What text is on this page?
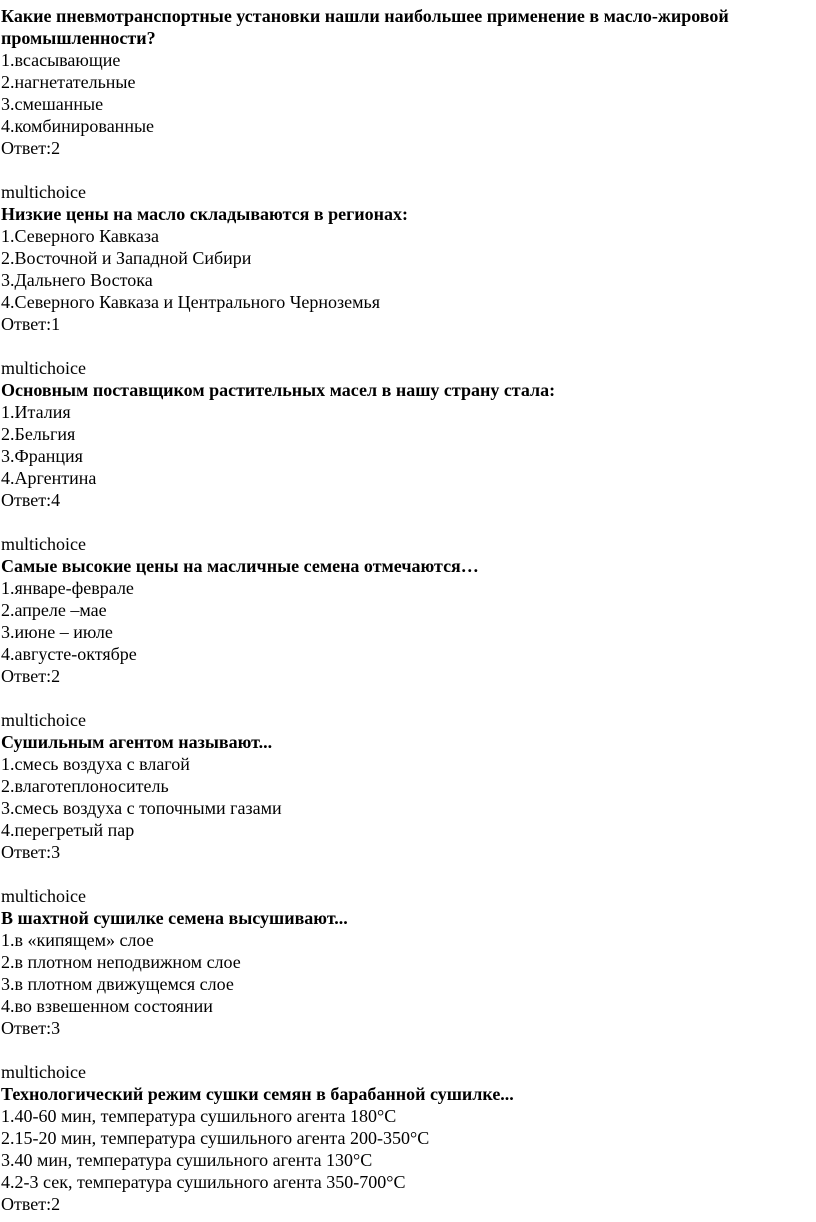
Какие пневмотранспортные установки нашли наибольшее применение в масло-жировой промышленности?
1.всасывающие
2.нагнетательные
3.смешанные
4.комбинированные
Ответ:2
multichoice
Низкие цены на масло складываются в регионах:
1.Северного Кавказа
2.Восточной и Западной Сибири
3.Дальнего Востока
4.Северного Кавказа и Центрального Черноземья
Ответ:1
multichoice
Основным поставщиком растительных масел в нашу страну стала:
1.Италия
2.Бельгия
3.Франция
4.Аргентина
Ответ:4
multichoice
Самые высокие цены на масличные семена отмечаются…
1.январе-феврале
2.апреле –мае
3.июне – июле
4.августе-октябре
Ответ:2
multichoice
Сушильным агентом называют...
1.смесь воздуха с влагой
2.влаготеплоноситель
3.смесь воздуха с топочными газами
4.перегретый пар
Ответ:3
multichoice
В шахтной сушилке семена высушивают...
1.в «кипящем» слое
2.в плотном неподвижном слое
3.в плотном движущемся слое
4.во взвешенном состоянии
Ответ:3
multichoice
Технологический режим сушки семян в барабанной сушилке...
1.40-60 мин, температура сушильного агента 180°С
2.15-20 мин, температура сушильного агента 200-350°С
3.40 мин, температура сушильного агента 130°С
4.2-3 сек, температура сушильного агента 350-700°С
Ответ:2
